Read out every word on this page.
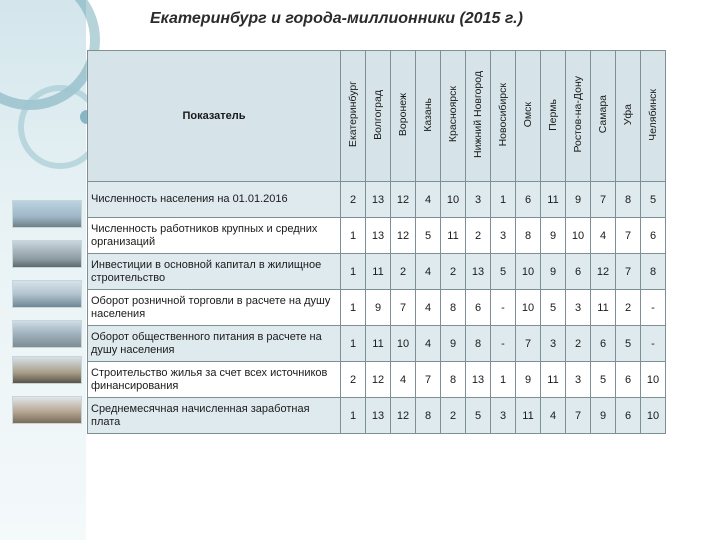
Екатеринбург и города-миллионники (2015 г.)
Показатель	Екатеринбург	Волгоград	Воронеж	Казань	Красноярск	Нижний Новгород	Новосибирск	Омск	Пермь	Ростов-на-Дону	Самара	Уфа	Челябинск
Численность населения на 01.01.2016	2	13	12	4	10	3	1	6	11	9	7	8	5
Численность работников крупных и средних организаций	1	13	12	5	11	2	3	8	9	10	4	7	6
Инвестиции в основной капитал в жилищное строительство	1	11	2	4	2	13	5	10	9	6	12	7	8
Оборот розничной торговли в расчете на душу населения	1	9	7	4	8	6	-	10	5	3	11	2	-
Оборот общественного питания в расчете на душу населения	1	11	10	4	9	8	-	7	3	2	6	5	-
Строительство жилья за счет всех источников финансирования	2	12	4	7	8	13	1	9	11	3	5	6	10
Среднемесячная начисленная заработная плата	1	13	12	8	2	5	3	11	4	7	9	6	10
